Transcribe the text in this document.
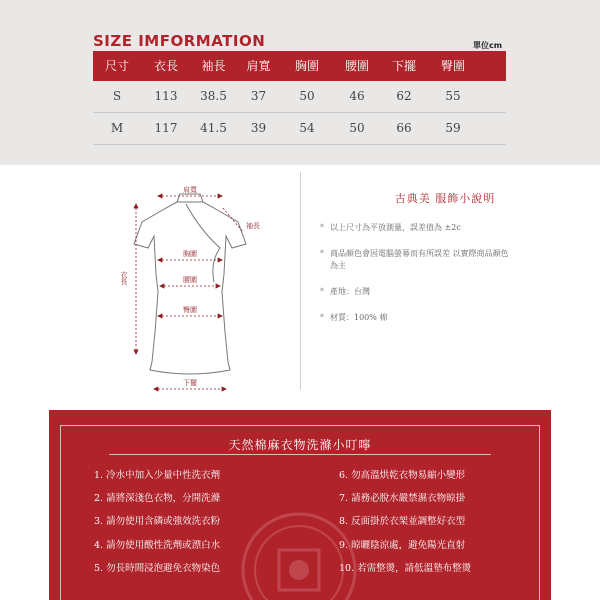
SIZE IMFORMATION	單位cm
尺寸	衣長	袖長	肩寬	胸圍	腰圍	下擺	臀圍
S	113	38.5	37	50	46	62	55
M	117	41.5	39	54	50	66	59
肩寬
袖長
胸圍
腰圍
臀圍
下擺
衣長
古典美 服飾小說明
* 以上尺寸為平放測量，誤差值為 ±2c
* 商品顏色會因電腦螢幕而有所誤差 以實際商品顏色為主
* 產地：台灣
* 材質：100% 棉
天然棉麻衣物洗滌小叮嚀
1. 冷水中加入少量中性洗衣劑
2. 請將深淺色衣物，分開洗滌
3. 請勿使用含磷或強效洗衣粉
4. 請勿使用酸性洗劑或漂白水
5. 勿長時間浸泡避免衣物染色
6. 勿高溫烘乾衣物易縮小變形
7. 請務必脫水嚴禁濕衣物晾掛
8. 反面掛於衣架並調整好衣型
9. 晾曬陰涼處，避免陽光直射
10. 若需整燙，請低溫墊布整燙
